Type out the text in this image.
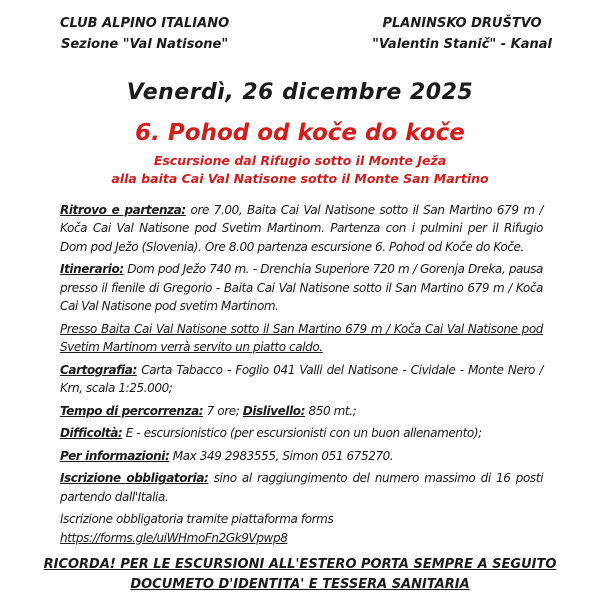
CLUB ALPINO ITALIANO
Sezione "Val Natisone"
PLANINSKO DRUŠTVO
"Valentin Stanič" - Kanal
Venerdì, 26 dicembre 2025
6. Pohod od koče do koče
Escursione dal Rifugio sotto il Monte Ježa
alla baita Cai Val Natisone sotto il Monte San Martino
Ritrovo e partenza: ore 7.00, Baita Cai Val Natisone sotto il San Martino 679 m / Koča Cai Val Natisone pod Svetim Martinom. Partenza con i pulmini per il Rifugio Dom pod Ježo (Slovenia). Ore 8.00 partenza escursione 6. Pohod od Koče do Koče.
Itinerario: Dom pod Ježo 740 m. - Drenchia Superiore 720 m / Gorenja Dreka, pausa presso il fienile di Gregorio - Baita Cai Val Natisone sotto il San Martino 679 m / Koča Cai Val Natisone pod svetim Martinom.
Presso Baita Cai Val Natisone sotto il San Martino 679 m / Koča Cai Val Natisone pod Svetim Martinom verrà servito un piatto caldo.
Cartografia: Carta Tabacco - Foglio 041 Valli del Natisone - Cividale - Monte Nero / Krn, scala 1:25.000;
Tempo di percorrenza: 7 ore; Dislivello: 850 mt.;
Difficoltà: E - escursionistico (per escursionisti con un buon allenamento);
Per informazioni: Max 349 2983555, Simon 051 675270.
Iscrizione obbligatoria: sino al raggiungimento del numero massimo di 16 posti partendo dall'Italia.
Iscrizione obbligatoria tramite piattaforma forms
https://forms.gle/uiWHmoFn2Gk9Vpwp8
RICORDA! PER LE ESCURSIONI ALL'ESTERO PORTA SEMPRE A SEGUITO
DOCUMETO D'IDENTITA' E TESSERA SANITARIA
